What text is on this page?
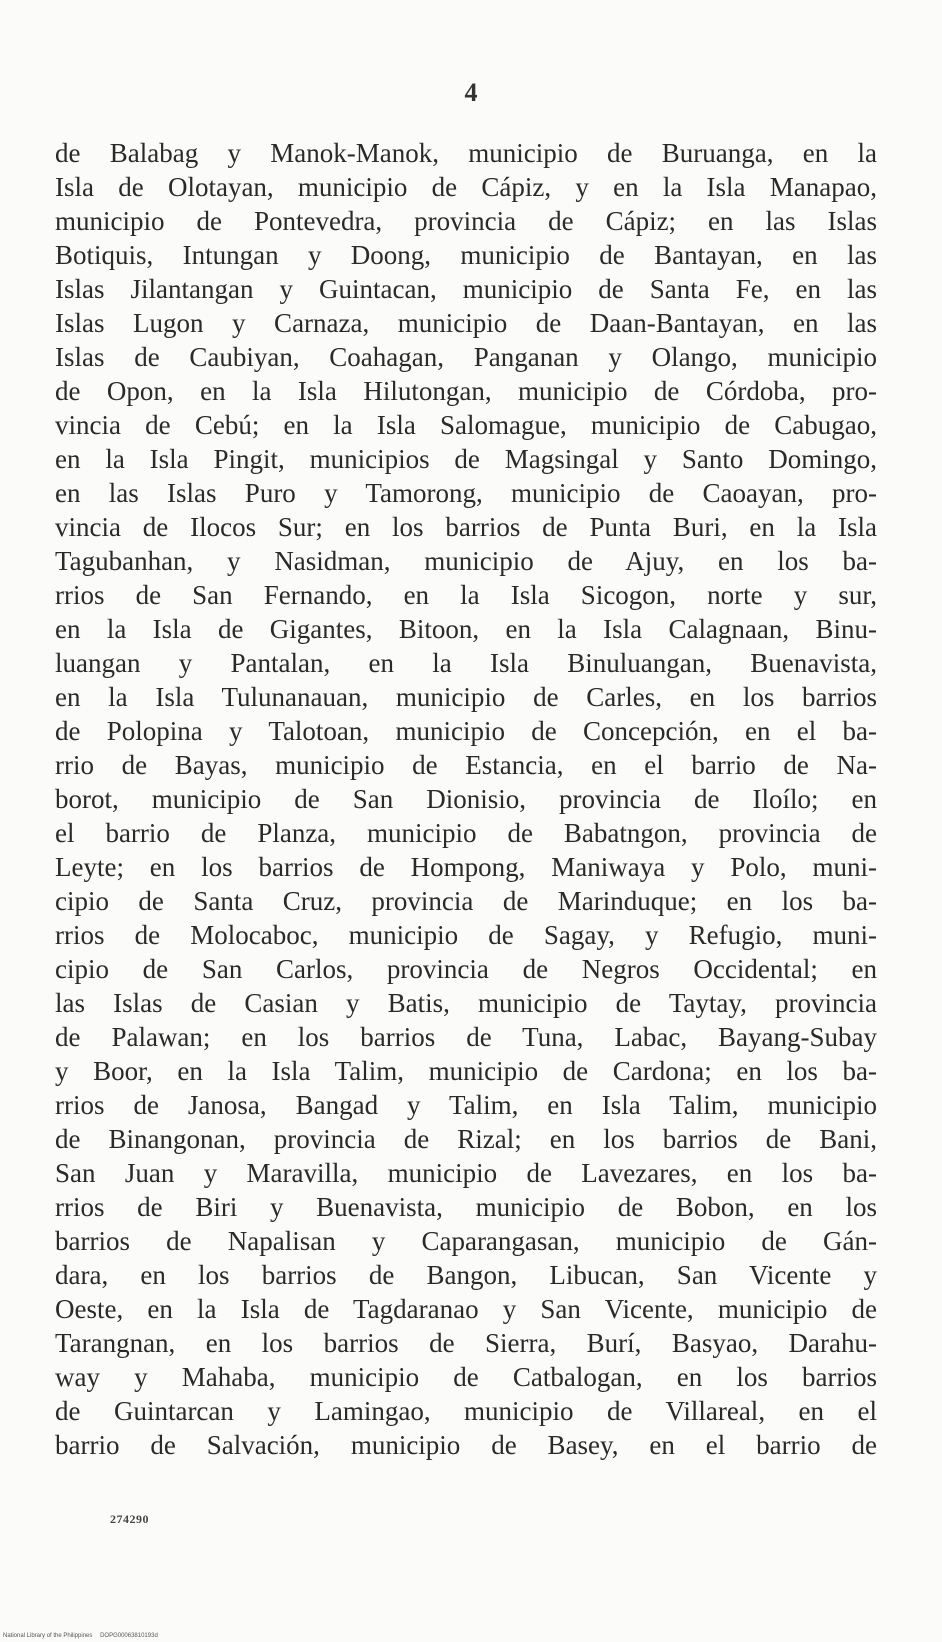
4
de Balabag y Manok-Manok, municipio de Buruanga, en la
Isla de Olotayan, municipio de Cápiz, y en la Isla Manapao,
municipio de Pontevedra, provincia de Cápiz; en las Islas
Botiquis, Intungan y Doong, municipio de Bantayan, en las
Islas Jilantangan y Guintacan, municipio de Santa Fe, en las
Islas Lugon y Carnaza, municipio de Daan-Bantayan, en las
Islas de Caubiyan, Coahagan, Panganan y Olango, municipio
de Opon, en la Isla Hilutongan, municipio de Córdoba, pro-
vincia de Cebú; en la Isla Salomague, municipio de Cabugao,
en la Isla Pingit, municipios de Magsingal y Santo Domingo,
en las Islas Puro y Tamorong, municipio de Caoayan, pro-
vincia de Ilocos Sur; en los barrios de Punta Buri, en la Isla
Tagubanhan, y Nasidman, municipio de Ajuy, en los ba-
rrios de San Fernando, en la Isla Sicogon, norte y sur,
en la Isla de Gigantes, Bitoon, en la Isla Calagnaan, Binu-
luangan y Pantalan, en la Isla Binuluangan, Buenavista,
en la Isla Tulunanauan, municipio de Carles, en los barrios
de Polopina y Talotoan, municipio de Concepción, en el ba-
rrio de Bayas, municipio de Estancia, en el barrio de Na-
borot, municipio de San Dionisio, provincia de Iloílo; en
el barrio de Planza, municipio de Babatngon, provincia de
Leyte; en los barrios de Hompong, Maniwaya y Polo, muni-
cipio de Santa Cruz, provincia de Marinduque; en los ba-
rrios de Molocaboc, municipio de Sagay, y Refugio, muni-
cipio de San Carlos, provincia de Negros Occidental; en
las Islas de Casian y Batis, municipio de Taytay, provincia
de Palawan; en los barrios de Tuna, Labac, Bayang-Subay
y Boor, en la Isla Talim, municipio de Cardona; en los ba-
rrios de Janosa, Bangad y Talim, en Isla Talim, municipio
de Binangonan, provincia de Rizal; en los barrios de Bani,
San Juan y Maravilla, municipio de Lavezares, en los ba-
rrios de Biri y Buenavista, municipio de Bobon, en los
barrios de Napalisan y Caparangasan, municipio de Gán-
dara, en los barrios de Bangon, Libucan, San Vicente y
Oeste, en la Isla de Tagdaranao y San Vicente, municipio de
Tarangnan, en los barrios de Sierra, Burí, Basyao, Darahu-
way y Mahaba, municipio de Catbalogan, en los barrios
de Guintarcan y Lamingao, municipio de Villareal, en el
barrio de Salvación, municipio de Basey, en el barrio de
274290
National Library of the Philippines DOPG00063810193d
